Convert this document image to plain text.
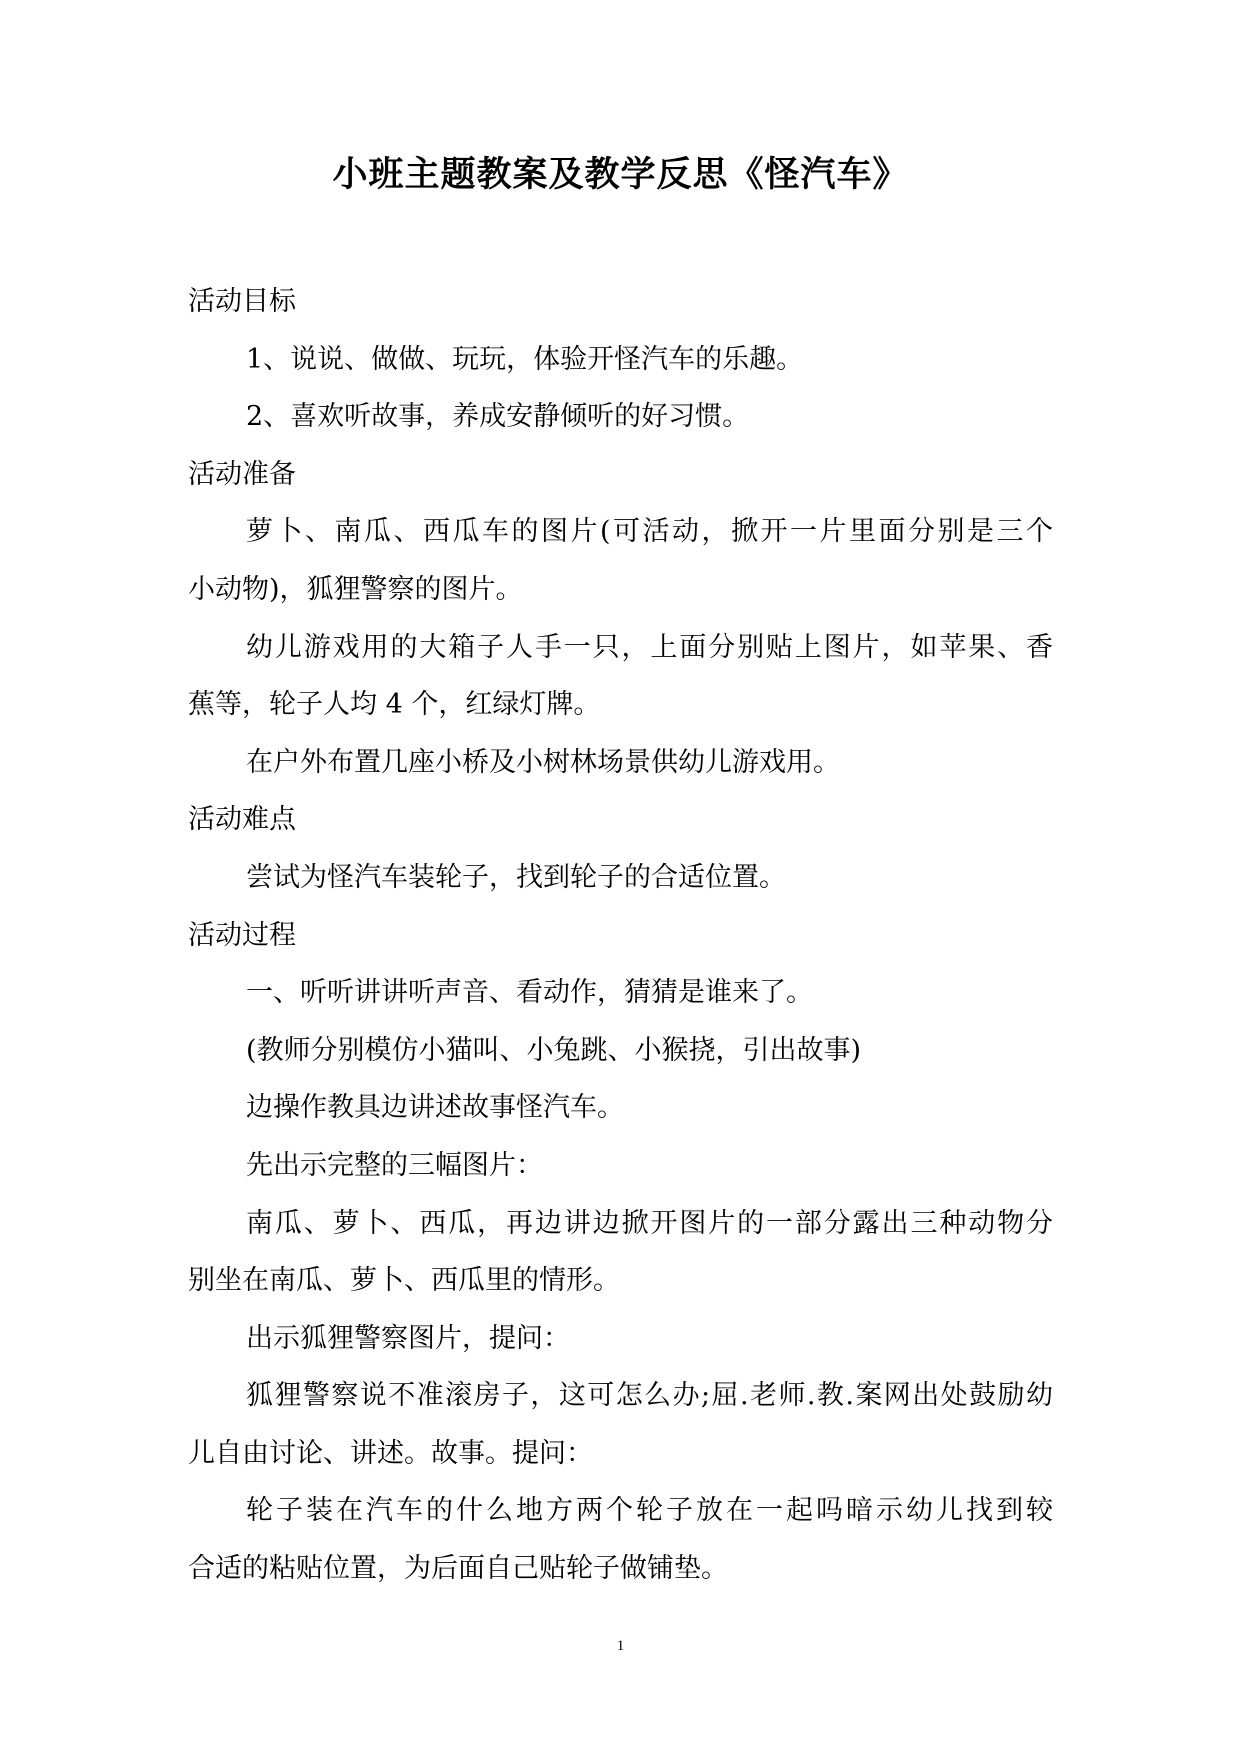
小班主题教案及教学反思《怪汽车》
活动目标
1、说说、做做、玩玩，体验开怪汽车的乐趣。
2、喜欢听故事，养成安静倾听的好习惯。
活动准备
萝卜、南瓜、西瓜车的图片(可活动，掀开一片里面分别是三个
小动物)，狐狸警察的图片。
幼儿游戏用的大箱子人手一只，上面分别贴上图片，如苹果、香
蕉等，轮子人均 4 个，红绿灯牌。
在户外布置几座小桥及小树林场景供幼儿游戏用。
活动难点
尝试为怪汽车装轮子，找到轮子的合适位置。
活动过程
一、听听讲讲听声音、看动作，猜猜是谁来了。
(教师分别模仿小猫叫、小兔跳、小猴挠，引出故事)
边操作教具边讲述故事怪汽车。
先出示完整的三幅图片：
南瓜、萝卜、西瓜，再边讲边掀开图片的一部分露出三种动物分
别坐在南瓜、萝卜、西瓜里的情形。
出示狐狸警察图片，提问：
狐狸警察说不准滚房子，这可怎么办;屈.老师.教.案网出处鼓励幼
儿自由讨论、讲述。故事。提问：
轮子装在汽车的什么地方两个轮子放在一起吗暗示幼儿找到较
合适的粘贴位置，为后面自己贴轮子做铺垫。
1
